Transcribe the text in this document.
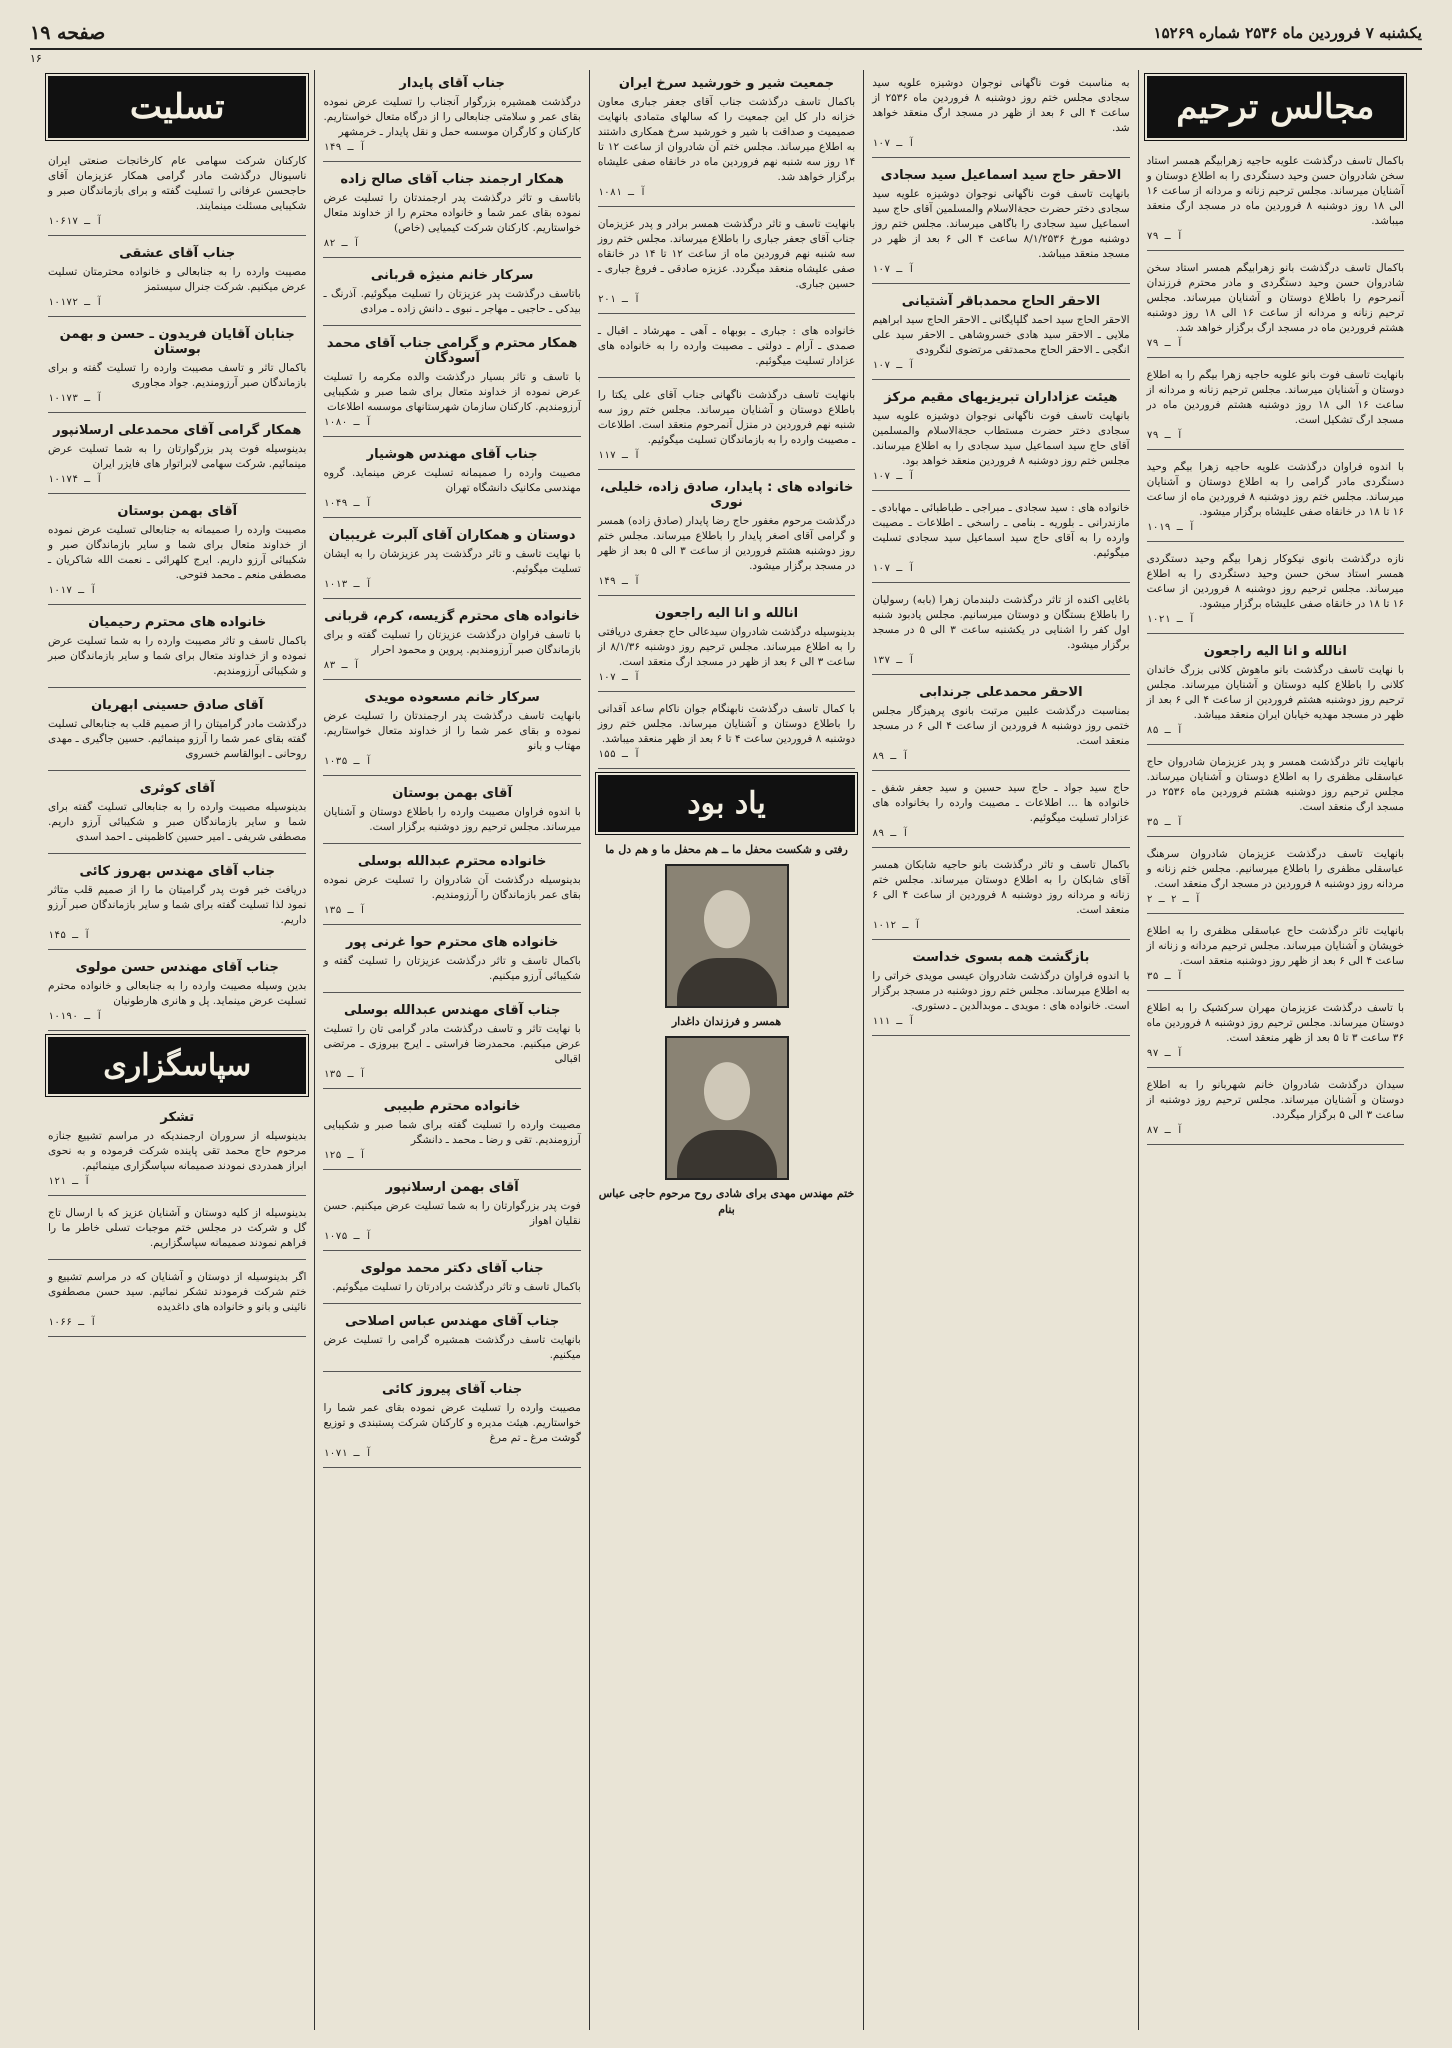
یکشنبه ۷ فروردین ماه ۲۵۳۶ شماره ۱۵۲۶۹
صفحه ۱۹
۱۶
مجالس ترحیم

باکمال تاسف درگذشت علویه حاجیه زهرابیگم همسر استاد سخن شادروان حسن وحید دستگردی را به اطلاع دوستان و آشنایان میرساند. مجلس ترحیم زنانه و مردانه از ساعت ۱۶ الی ۱۸ روز دوشنبه ۸ فروردین ماه در مسجد ارگ منعقد میباشد.

آ ـ ۷۹

باکمال تاسف درگذشت بانو زهرابیگم همسر استاد سخن شادروان حسن وحید دستگردی و مادر محترم فرزندان آنمرحوم را باطلاع دوستان و آشنایان میرساند. مجلس ترحیم زنانه و مردانه از ساعت ۱۶ الی ۱۸ روز دوشنبه هشتم فروردین ماه در مسجد ارگ برگزار خواهد شد.

آ ـ ۷۹

بانهایت تاسف فوت بانو علویه حاجیه زهرا بیگم را به اطلاع دوستان و آشنایان میرساند. مجلس ترحیم زنانه و مردانه از ساعت ۱۶ الی ۱۸ روز دوشنبه هشتم فروردین ماه در مسجد ارگ تشکیل است.

آ ـ ۷۹

با اندوه فراوان درگذشت علویه حاجیه زهرا بیگم وحید دستگردی مادر گرامی را به اطلاع دوستان و آشنایان میرساند. مجلس ختم روز دوشنبه ۸ فروردین ماه از ساعت ۱۶ تا ۱۸ در خانقاه صفی علیشاه برگزار میشود.

آ ـ ۱۰۱۹

نازه درگذشت بانوی نیکوکار زهرا بیگم وحید دستگردی همسر استاد سخن حسن وحید دستگردی را به اطلاع میرساند. مجلس ترحیم روز دوشنبه ۸ فروردین از ساعت ۱۶ تا ۱۸ در خانقاه صفی علیشاه برگزار میشود.

آ ـ ۱۰۲۱
انالله و انا الیه راجعون

با نهایت تاسف درگذشت بانو ماهوش کلانی بزرگ خاندان کلانی را باطلاع کلیه دوستان و آشنایان میرساند. مجلس ترحیم روز دوشنبه هشتم فروردین از ساعت ۴ الی ۶ بعد از ظهر در مسجد مهدیه خیابان ایران منعقد میباشد.

آ ـ ۸۵

بانهایت تاثر درگذشت همسر و پدر عزیزمان شادروان حاج عباسقلی مظفری را به اطلاع دوستان و آشنایان میرساند. مجلس ترحیم روز دوشنبه هشتم فروردین ماه ۲۵۳۶ در مسجد ارگ منعقد است.

آ ـ ۳۵

بانهایت تاسف درگذشت عزیزمان شادروان سرهنگ عباسقلی مظفری را باطلاع میرسانیم. مجلس ختم زنانه و مردانه روز دوشنبه ۸ فروردین در مسجد ارگ منعقد است.

آ ـ ۲ ـ ۲

بانهایت تاثر درگذشت حاج عباسقلی مظفری را به اطلاع خویشان و آشنایان میرساند. مجلس ترحیم مردانه و زنانه از ساعت ۴ الی ۶ بعد از ظهر روز دوشنبه منعقد است.

آ ـ ۳۵

با تاسف درگذشت عزیزمان مهران سرکشیک را به اطلاع دوستان میرساند. مجلس ترحیم روز دوشنبه ۸ فروردین ماه ۳۶ ساعت ۳ تا ۵ بعد از ظهر منعقد است.

آ ـ ۹۷

سیدان درگذشت شادروان خانم شهربانو را به اطلاع دوستان و آشنایان میرساند. مجلس ترحیم روز دوشنبه از ساعت ۳ الی ۵ برگزار میگردد.

آ ـ ۸۷

به مناسبت فوت ناگهانی نوجوان دوشیزه علویه سید سجادی مجلس ختم روز دوشنبه ۸ فروردین ماه ۲۵۳۶ از ساعت ۴ الی ۶ بعد از ظهر در مسجد ارگ منعقد خواهد شد.

آ ـ ۱۰۷
الاحقر حاج سید اسماعیل سید سجادی

بانهایت تاسف فوت ناگهانی نوجوان دوشیزه علویه سید سجادی دختر حضرت حجةالاسلام والمسلمین آقای حاج سید اسماعیل سید سجادی را باگاهی میرساند. مجلس ختم روز دوشنبه مورخ ۸/۱/۲۵۳۶ ساعت ۴ الی ۶ بعد از ظهر در مسجد منعقد میباشد.

آ ـ ۱۰۷
الاحقر الحاج محمدباقر آشتیانی

الاحقر الحاج سید احمد گلپایگانی ـ الاحقر الحاج سید ابراهیم ملایی ـ الاحقر سید هادی خسروشاهی ـ الاحقر سید علی انگجی ـ الاحقر الحاج محمدتقی مرتضوی لنگرودی

آ ـ ۱۰۷
هیئت عزاداران تبریزیهای مقیم مرکز

بانهایت تاسف فوت ناگهانی نوجوان دوشیزه علویه سید سجادی دختر حضرت مستطاب حجةالاسلام والمسلمین آقای حاج سید اسماعیل سید سجادی را به اطلاع میرساند. مجلس ختم روز دوشنبه ۸ فروردین منعقد خواهد بود.

آ ـ ۱۰۷

خانواده های : سید سجادی ـ مبراجی ـ طباطبائی ـ مهابادی ـ مازندرانی ـ بلوریه ـ بنامی ـ راسخی ـ اطلاعات ـ مصیبت وارده را به آقای حاج سید اسماعیل سید سجادی تسلیت میگوئیم.

آ ـ ۱۰۷

باغایی اکنده از تاثر درگذشت دلبندمان زهرا (بابه) رسولیان را باطلاع بستگان و دوستان میرسانیم. مجلس یادبود شنبه اول کفر را اشنایی در یکشنبه ساعت ۳ الی ۵ در مسجد برگزار میشود.

آ ـ ۱۳۷
الاحقر محمدعلی جرندابی

بمناسبت درگذشت علیین مرتبت بانوی پرهیزگار مجلس ختمی روز دوشنبه ۸ فروردین از ساعت ۴ الی ۶ در مسجد منعقد است.

آ ـ ۸۹

حاج سید جواد ـ حاج سید حسین و سید جعفر شفق ـ خانواده ها ... اطلاعات ـ مصیبت وارده را بخانواده های عزادار تسلیت میگوئیم.

آ ـ ۸۹

باکمال تاسف و تاثر درگذشت بانو حاجیه شابکان همسر آقای شابکان را به اطلاع دوستان میرساند. مجلس ختم زنانه و مردانه روز دوشنبه ۸ فروردین از ساعت ۴ الی ۶ منعقد است.

آ ـ ۱۰۱۲
بازگشت همه بسوی خداست

با اندوه فراوان درگذشت شادروان عیسی مویدی خراتی را به اطلاع میرساند. مجلس ختم روز دوشنبه در مسجد برگزار است. خانواده های : مویدی ـ موبدالدین ـ دستوری.

آ ـ ۱۱۱
جمعیت شیر و خورشید سرخ ایران

باکمال تاسف درگذشت جناب آقای جعفر جباری معاون خزانه دار کل این جمعیت را که سالهای متمادی بانهایت صمیمیت و صداقت با شیر و خورشید سرخ همکاری داشتند به اطلاع میرساند. مجلس ختم آن شادروان از ساعت ۱۲ تا ۱۴ روز سه شنبه نهم فروردین ماه در خانقاه صفی علیشاه برگزار خواهد شد.

آ ـ ۱۰۸۱

بانهایت تاسف و تاثر درگذشت همسر برادر و پدر عزیزمان جناب آقای جعفر جباری را باطلاع میرساند. مجلس ختم روز سه شنبه نهم فروردین ماه از ساعت ۱۲ تا ۱۴ در خانقاه صفی علیشاه منعقد میگردد. عزیزه صادقی ـ فروغ جباری ـ حسین جباری.

آ ـ ۲۰۱

خانواده های : جبارى ـ بوبهاه ـ آهی ـ مهرشاد ـ اقبال ـ صمدی ـ آرام ـ دولتی ـ مصیبت وارده را به خانواده های عزادار تسلیت میگوئیم.

بانهایت تاسف درگذشت ناگهانی جناب آقای علی یکتا را باطلاع دوستان و آشنایان میرساند. مجلس ختم روز سه شنبه نهم فروردین در منزل آنمرحوم منعقد است. اطلاعات ـ مصیبت وارده را به بازماندگان تسلیت میگوئیم.

آ ـ ۱۱۷
خانواده های : پایدار، صادق زاده، خلیلی، نوری

درگذشت مرحوم مغفور حاج رضا پایدار (صادق زاده) همسر و گرامی آقای اصغر پایدار را باطلاع میرساند. مجلس ختم روز دوشنبه هشتم فروردین از ساعت ۳ الی ۵ بعد از ظهر در مسجد برگزار میشود.

آ ـ ۱۴۹
انالله و انا الیه راجعون

بدینوسیله درگذشت شادروان سیدعالی حاج جعفری دریافتی را به اطلاع میرساند. مجلس ترحیم روز دوشنبه ۸/۱/۳۶ از ساعت ۳ الی ۶ بعد از ظهر در مسجد ارگ منعقد است.

آ ـ ۱۰۷

با کمال تاسف درگذشت نابهنگام جوان ناکام ساعد آقدانی را باطلاع دوستان و آشنایان میرساند. مجلس ختم روز دوشنبه ۸ فروردین ساعت ۴ تا ۶ بعد از ظهر منعقد میباشد.

آ ـ ۱۵۵
یاد بود
رفتی و شکست محفل ما ــ هم محفل ما و هم دل ما
همسر و فرزندان داغدار
ختم مهندس مهدی برای شادی روح مرحوم حاجی عباس بنام
جناب آقای پایدار

درگذشت همشیره بزرگوار آنجناب را تسلیت عرض نموده بقای عمر و سلامتی جنابعالی را از درگاه متعال خواستاریم. کارکنان و کارگران موسسه حمل و نقل پایدار ـ خرمشهر

آ ـ ۱۴۹
همکار ارجمند جناب آقای صالح زاده

باتاسف و تاثر درگذشت پدر ارجمندتان را تسلیت عرض نموده بقای عمر شما و خانواده محترم را از خداوند متعال خواستاریم. کارکنان شرکت کیمیایی (خاص)

آ ـ ۸۲
سرکار خانم منیژه قربانی

باتاسف درگذشت پدر عزیزتان را تسلیت میگوئیم. آذرنگ ـ بیدکی ـ حاجبی ـ مهاجر ـ نبوی ـ دانش زاده ـ مرادی

همکار محترم و گرامی جناب آقای محمد آسودگان

با تاسف و تاثر بسیار درگذشت والده مکرمه را تسلیت عرض نموده از خداوند متعال برای شما صبر و شکیبایی آرزومندیم. کارکنان سازمان شهرستانهای موسسه اطلاعات

آ ـ ۱۰۸۰
جناب آقای مهندس هوشیار

مصیبت وارده را صمیمانه تسلیت عرض مینماید. گروه مهندسی مکانیک دانشگاه تهران

آ ـ ۱۰۴۹
دوستان و همکاران آقای آلبرت غریبیان

با نهایت تاسف و تاثر درگذشت پدر عزیزشان را به ایشان تسلیت میگوئیم.

آ ـ ۱۰۱۳
خانواده های محترم گزیسه، کرم، قربانی

با تاسف فراوان درگذشت عزیزتان را تسلیت گفته و برای بازماندگان صبر آرزومندیم. پروین و محمود احرار

آ ـ ۸۳
سرکار خانم مسعوده مویدی

بانهایت تاسف درگذشت پدر ارجمندتان را تسلیت عرض نموده و بقای عمر شما را از خداوند متعال خواستاریم. مهتاب و بانو

آ ـ ۱۰۳۵
آقای بهمن بوستان

با اندوه فراوان مصیبت وارده را باطلاع دوستان و آشنایان میرساند. مجلس ترحیم روز دوشنبه برگزار است.

خانواده محترم عبدالله بوسلی

بدینوسیله درگذشت آن شادروان را تسلیت عرض نموده بقای عمر بازماندگان را آرزومندیم.

آ ـ ۱۳۵
خانواده های محترم حوا غرنی پور

باکمال تاسف و تاثر درگذشت عزیزتان را تسلیت گفته و شکیبائی آرزو میکنیم.

جناب آقای مهندس عبدالله بوسلی

با نهایت تاثر و تاسف درگذشت مادر گرامی تان را تسلیت عرض میکنیم. محمدرضا فراستی ـ ایرج بیروزی ـ مرتضی اقبالی

آ ـ ۱۳۵
خانواده محترم طبیبی

مصیبت وارده را تسلیت گفته برای شما صبر و شکیبایی آرزومندیم. تقی و رضا ـ محمد ـ دانشگر

آ ـ ۱۲۵
آقای بهمن ارسلانپور

فوت پدر بزرگوارتان را به شما تسلیت عرض میکنیم. حسن نقلیان اهواز

آ ـ ۱۰۷۵
جناب آقای دکتر محمد مولوی

باکمال تاسف و تاثر درگذشت برادرتان را تسلیت میگوئیم.

جناب آقای مهندس عباس اصلاحی

بانهایت تاسف درگذشت همشیره گرامی را تسلیت عرض میکنیم.

جناب آقای پیروز کائی

مصیبت وارده را تسلیت عرض نموده بقای عمر شما را خواستاریم. هیئت مدیره و کارکنان شرکت پستبندی و توزیع گوشت مرغ ـ تم مرغ

آ ـ ۱۰۷۱
تسلیت

کارکنان شرکت سهامی عام کارخانجات صنعتی ایران ناسیونال درگذشت مادر گرامی همکار عزیزمان آقای حاجحسن عرفانی را تسلیت گفته و برای بازماندگان صبر و شکیبایی مسئلت مینمایند.

آ ـ ۱۰۶۱۷
جناب آقای عشقی

مصیبت وارده را به جنابعالی و خانواده محترمتان تسلیت عرض میکنیم. شرکت جنرال سیستمز

آ ـ ۱۰۱۷۲
جنابان آقایان فریدون ـ حسن و بهمن بوستان

باکمال تاثر و تاسف مصیبت وارده را تسلیت گفته و برای بازماندگان صبر آرزومندیم. جواد مجاوری

آ ـ ۱۰۱۷۳
همکار گرامی آقای محمدعلی ارسلانپور

بدینوسیله فوت پدر بزرگوارتان را به شما تسلیت عرض مینمائیم. شرکت سهامی لابراتوار های فایزر ایران

آ ـ ۱۰۱۷۴
آقای بهمن بوستان

مصیبت وارده را صمیمانه به جنابعالی تسلیت عرض نموده از خداوند متعال برای شما و سایر بازماندگان صبر و شکیبائی آرزو داریم. ایرج کلهرائی ـ نعمت الله شاکریان ـ مصطفی منعم ـ محمد فتوحی.

آ ـ ۱۰۱۷
خانواده های محترم رحیمیان

باکمال تاسف و تاثر مصیبت وارده را به شما تسلیت عرض نموده و از خداوند متعال برای شما و سایر بازماندگان صبر و شکیبائی آرزومندیم.

آقای صادق حسینی ابهریان

درگذشت مادر گرامیتان را از صمیم قلب به جنابعالی تسلیت گفته بقای عمر شما را آرزو مینمائیم. حسین جاگیری ـ مهدی روحانی ـ ابوالقاسم خسروی

آقای کوثری

بدینوسیله مصیبت وارده را به جنابعالی تسلیت گفته برای شما و سایر بازماندگان صبر و شکیبائی آرزو داریم. مصطفی شریفی ـ امیر حسین کاظمینی ـ احمد اسدی

جناب آقای مهندس بهروز کائی

دریافت خبر فوت پدر گرامیتان ما را از صمیم قلب متاثر نمود لذا تسلیت گفته برای شما و سایر بازماندگان صبر آرزو داریم.

آ ـ ۱۴۵
جناب آقای مهندس حسن مولوی

بدین وسیله مصیبت وارده را به جنابعالی و خانواده محترم تسلیت عرض مینماید. پل و هانری هارطونیان

آ ـ ۱۰۱۹۰
سپاسگزاری
تشکر

بدینوسیله از سروران ارجمندیکه در مراسم تشییع جنازه مرحوم حاج محمد تقی پاینده شرکت فرموده و به نحوی ابراز همدردی نمودند صمیمانه سپاسگزاری مینمائیم.

آ ـ ۱۲۱

بدینوسیله از کلیه دوستان و آشنایان عزیز که با ارسال تاج گل و شرکت در مجلس ختم موجبات تسلی خاطر ما را فراهم نمودند صمیمانه سپاسگزاریم.

اگر بدینوسیله از دوستان و آشنایان که در مراسم تشییع و ختم شرکت فرمودند تشکر نمائیم. سید حسن مصطفوی نائینی و بانو و خانواده های داغدیده

آ ـ ۱۰۶۶
